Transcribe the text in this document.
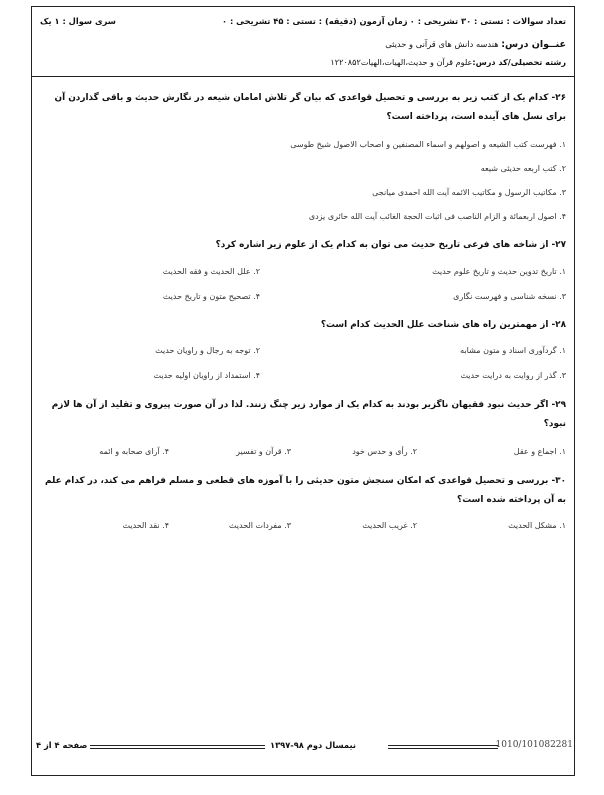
تعداد سوالات : تستی : ۳۰ تشریحی : ۰
زمان آزمون (دقیقه) : تستی : ۴۵ تشریحی : ۰
سری سوال : ۱ یک
عنــوان درس: هندسه دانش های قرآنی و حدیثی
رشته تحصیلی/کد درس:علوم قرآن و حدیث،الهیات،الهیات۱۲۲۰۸۵۲
۲۶- کدام یک از کتب زیر به بررسی و تحصیل قواعدی که بیان گر تلاش امامان شیعه در نگارش حدیث و باقی گذاردن آن برای نسل های آینده است، پرداخته است؟
۱. فهرست کتب الشیعه و اصولهم و اسماء المصنفین و اصحاب الاصول شیخ طوسی
۲. کتب اربعه حدیثی شیعه
۳. مکاتیب الرسول و مکاتیب الائمه آیت الله احمدی میانجی
۴. اصول اربعمائة و الزام الناصب فی اثبات الحجة الغائب آیت الله حائری یزدی
۲۷- از شاخه های فرعی تاریخ حدیث می توان به کدام یک از علوم زیر اشاره کرد؟
۱. تاریخ تدوین حدیث و تاریخ علوم حدیث
۲. علل الحدیث و فقه الحدیث
۳. نسخه شناسی و فهرست نگاری
۴. تصحیح متون و تاریخ حدیث
۲۸- از مهمترین راه های شناخت علل الحدیث کدام است؟
۱. گردآوری اسناد و متون مشابه
۲. توجه به رجال و راویان حدیث
۳. گذر از روایت به درایت حدیث
۴. استمداد از راویان اولیه حدیث
۲۹- اگر حدیث نبود فقیهان ناگزیر بودند به کدام یک از موارد زیر چنگ زنند. لذا در آن صورت پیروی و تقلید از آن ها لازم نبود؟
۱. اجماع و عقل
۲. رأی و حدس خود
۳. قرآن و تفسیر
۴. آرای صحابه و ائمه
۳۰- بررسی و تحصیل قواعدی که امکان سنجش متون حدیثی را با آموزه های قطعی و مسلم فراهم می کند، در کدام علم به آن پرداخته شده است؟
۱. مشکل الحدیث
۲. غریب الحدیث
۳. مفردات الحدیث
۴. نقد الحدیث
صفحه ۴ از ۴	نیمسال دوم ۹۸-۱۳۹۷	1010/101082281
